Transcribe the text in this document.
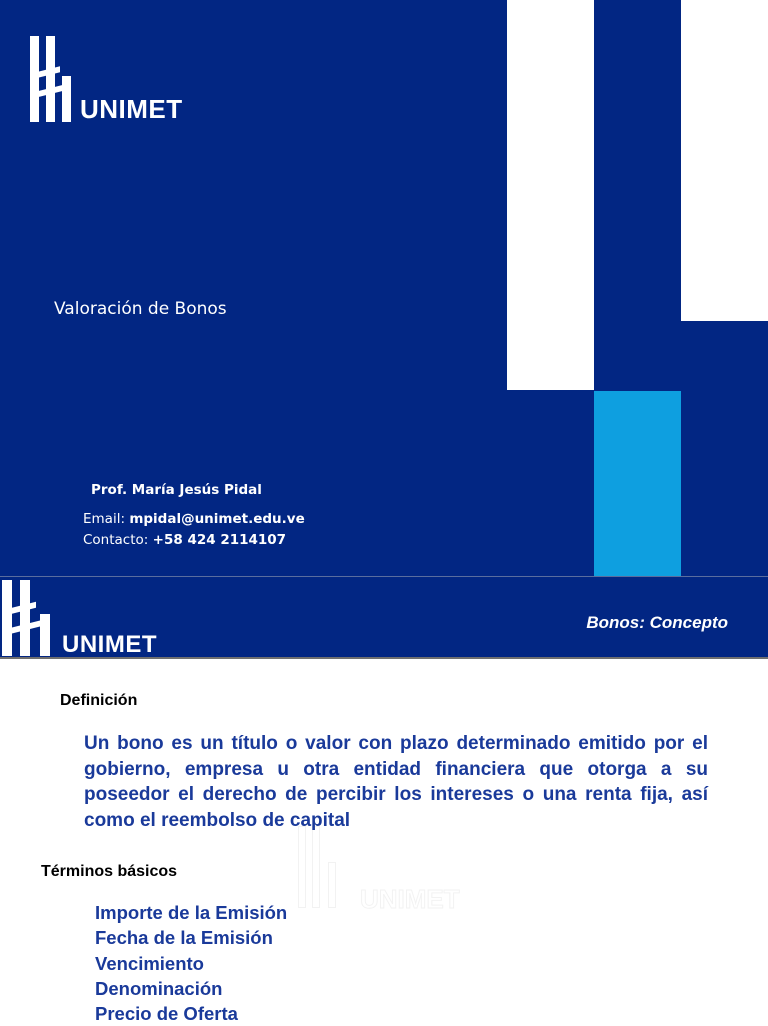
UNIMET
Valoración de Bonos
Prof. María Jesús Pidal
Email: mpidal@unimet.edu.ve
Contacto: +58 424 2114107
UNIMET
Bonos: Concepto
UNIMET
Definición
Un bono es un título o valor con plazo determinado emitido por el gobierno, empresa u otra entidad financiera que otorga a su poseedor el derecho de percibir los intereses o una renta fija, así como el reembolso de capital
Términos básicos
Importe de la Emisión
Fecha de la Emisión
Vencimiento
Denominación
Precio de Oferta
